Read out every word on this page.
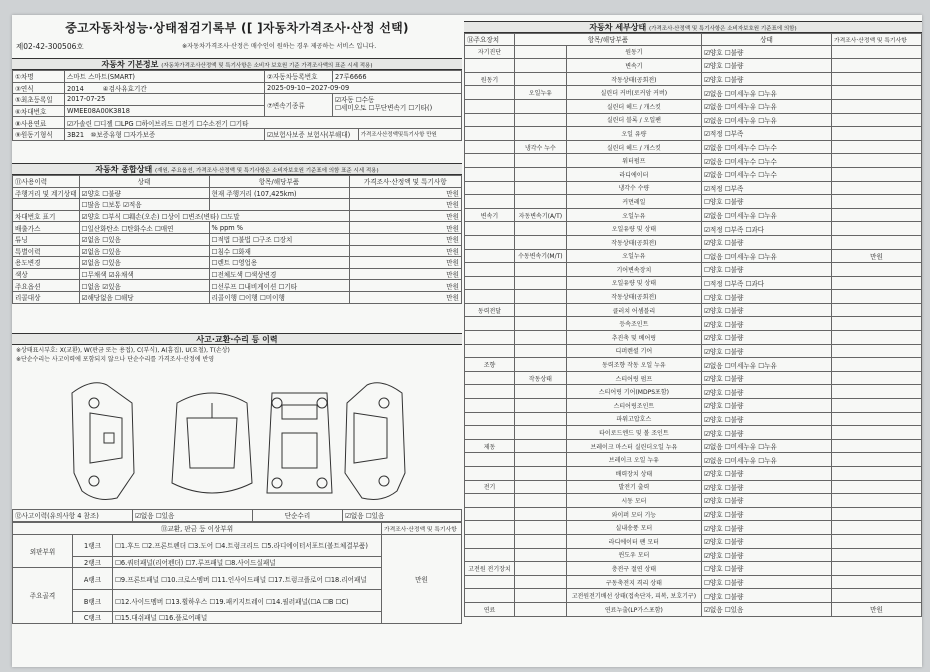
중고자동차성능·상태점검기록부 ([ ]자동차가격조사·산정 선택)
제02-42-300506호	※자동차가격조사·산정은 매수인이 원하는 경우 제공하는 서비스 입니다.
자동차 기본정보 (자동차가격조사산정액 및 특기사항은 소비자 보호원 기준 가격조사액의 표준 시세 적용)
①차명	스마트 스마트(SMART)	②자동차등록번호	27루6666	
③연식	2014 ④검사유효기간	2025-09-10~2027-09-09		
⑤최초등록일	2017-07-25	⑦변속기종류	☑자동 ☐수동
☐세미오토 ☐무단변속기 ☐기타()	
⑥차대번호	WMEE08A00K3818			
⑧사용연료	☑가솔린 ☐디젤 ☐LPG ☐하이브리드 ☐전기 ☐수소전기 ☐기타			
⑨원동기형식	3B21 ⑩보증유형 ☐자가보증	☑보험사보증 보험사(부해대)		가격조사산정액및특기사항 만원
자동차 종합상태 (재원, 주요옵션, 가격조사·산정액 및 특기사항은 소비자보호원 기준표에 의함 표준 시세 적용)
⑪사용이력	상태	항목/해당부품	가격조사·산정액 및 특기사항
주행거리 및 계기상태	☑양호 ☐불량	현재 주행거리 (107,425km)	만원
	☐많음 ☐보통 ☑적음		만원
차대번호 표기	☑양호 ☐부식 ☐훼손(오손) ☐상이 ☐변조(변타) ☐도말		만원
배출가스	☐일산화탄소 ☐탄화수소 ☐매연	% ppm %	만원
튜닝	☑없음 ☐있음	☐적법 ☐불법 ☐구조 ☐장치	만원
특별이력	☑없음 ☐있음	☐침수 ☐화재	만원
용도변경	☑없음 ☐있음	☐렌트 ☐영업용	만원
색상	☐무채색 ☑유채색	☐전체도색 ☐색상변경	만원
주요옵션	☐없음 ☑있음	☐선루프 ☐내비게이션 ☐기타	만원
리콜대상	☑해당없음 ☐해당	리콜이행 ☐이행 ☐미이행	만원
사고·교환·수리 등 이력
※상태표시부호: X(교환), W(판금 또는 용접), C(부식), A(흠집), U(요철), T(손상)
※단순수리는 사고이력에 포함되지 않으나 단순수리를 가격조사·산정에 반영
⑫사고이력(유의사항 4 참조)	☑없음 ☐있음	단순수리	☑없음 ☐있음
⑬교환, 판금 등 이상부위			가격조사·산정액 및 특기사항
외판부위	1랭크	☐1.후드 ☐2.프론트펜더 ☐3.도어 ☐4.트렁크리드 ☐5.라디에이터서포트(볼트체결부품)	만원
	2랭크	☐6.쿼터패널(리어펜더) ☐7.루프패널 ☐8.사이드실패널	
주요골격	A랭크	☐9.프론트패널 ☐10.크로스멤버 ☐11.인사이드패널 ☐17.트렁크플로어 ☐18.리어패널	
	B랭크	☐12.사이드멤버 ☐13.휠하우스 ☐19.패키지트레이 ☐14.필러패널(☐A ☐B ☐C)	
	C랭크	☐15.대쉬패널 ☐16.플로어패널	
자동차 세부상태 (가격조사·산정액 및 특기사항은 소비자보호원 기준표에 의함)
⑭주요장치	항목/해당부품		상태	가격조사·산정액 및 특기사항
자기진단		원동기	☑양호 ☐불량	
		변속기	☑양호 ☐불량	
원동기		작동상태(공회전)	☑양호 ☐불량	
	오일누유	실린더 커버(로커암 커버)	☑없음 ☐미세누유 ☐누유	
		실린더 헤드 / 개스킷	☑없음 ☐미세누유 ☐누유	
		실린더 블록 / 오일팬	☑없음 ☐미세누유 ☐누유	
		오일 유량	☑적정 ☐부족	
	냉각수 누수	실린더 헤드 / 개스킷	☑없음 ☐미세누수 ☐누수	
		워터펌프	☑없음 ☐미세누수 ☐누수	
		라디에이터	☑없음 ☐미세누수 ☐누수	
		냉각수 수량	☑적정 ☐부족	
		커먼레일	☐양호 ☐불량	
변속기	자동변속기(A/T)	오일누유	☑없음 ☐미세누유 ☐누유	
		오일유량 및 상태	☑적정 ☐부족 ☐과다	
		작동상태(공회전)	☑양호 ☐불량	
	수동변속기(M/T)	오일누유	☐없음 ☐미세누유 ☐누유	만원
		기어변속장치	☐양호 ☐불량	
		오일유량 및 상태	☐적정 ☐부족 ☐과다	
		작동상태(공회전)	☐양호 ☐불량	
동력전달		클러치 어셈블리	☑양호 ☐불량	
		등속조인트	☑양호 ☐불량	
		추진축 및 베어링	☑양호 ☐불량	
		디퍼렌셜 기어	☑양호 ☐불량	
조향		동력조향 작동 오일 누유	☑없음 ☐미세누유 ☐누유	
	작동상태	스티어링 펌프	☑양호 ☐불량	
		스티어링 기어(MDPS포함)	☑양호 ☐불량	
		스티어링조인트	☑양호 ☐불량	
		파워고압호스	☑양호 ☐불량	
		타이로드엔드 및 볼 조인트	☑양호 ☐불량	
제동		브레이크 마스터 실린더오일 누유	☑없음 ☐미세누유 ☐누유	
		브레이크 오일 누유	☑없음 ☐미세누유 ☐누유	
		배력장치 상태	☑양호 ☐불량	
전기		발전기 출력	☑양호 ☐불량	
		시동 모터	☑양호 ☐불량	
		와이퍼 모터 기능	☑양호 ☐불량	
		실내송풍 모터	☑양호 ☐불량	
		라디에이터 팬 모터	☑양호 ☐불량	
		윈도우 모터	☑양호 ☐불량	
고전원 전기장치		충전구 절연 상태	☐양호 ☐불량	
		구동축전지 격리 상태	☐양호 ☐불량	
		고전원전기배선 상태(접속단자, 피복, 보호기구)	☐양호 ☐불량	
연료		연료누출(LP가스포함)	☑없음 ☐있음	만원
